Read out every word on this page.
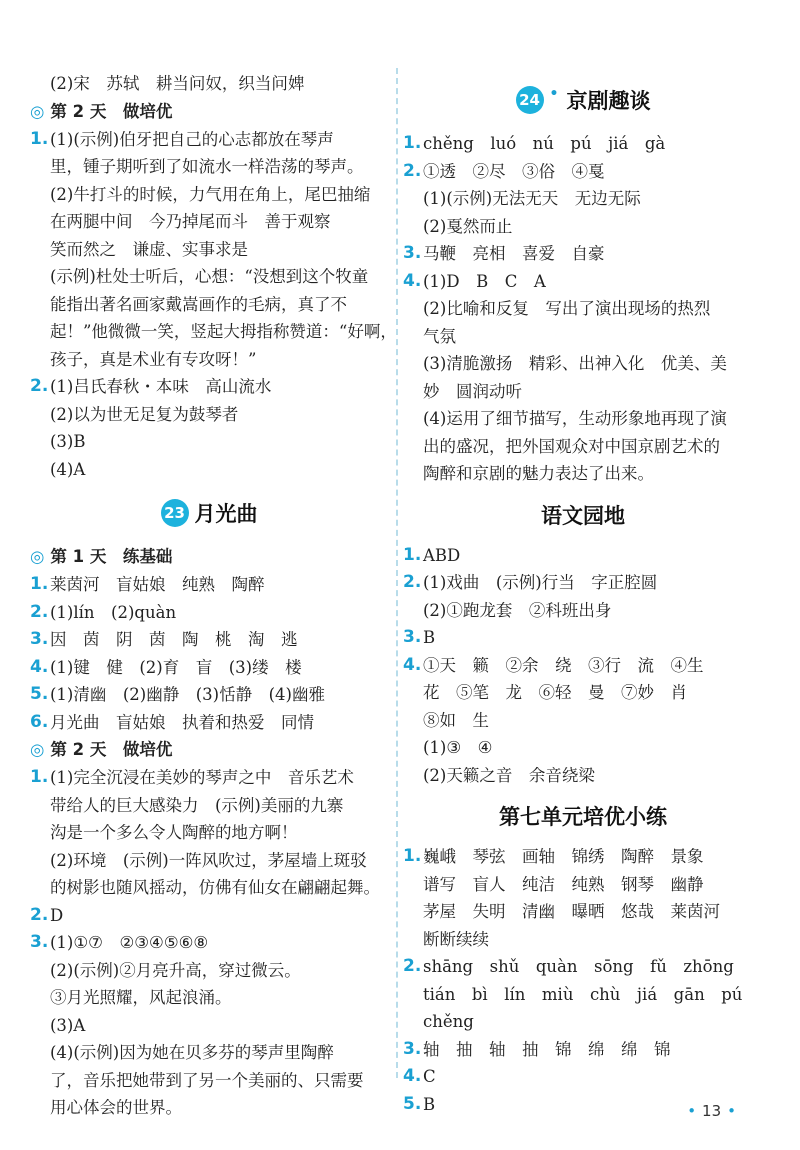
(2)宋　苏轼　耕当问奴，织当问婢
◎ 第 2 天　做培优
1. (1)(示例)伯牙把自己的心志都放在琴声
里，锺子期听到了如流水一样浩荡的琴声。
(2)牛打斗的时候，力气用在角上，尾巴抽缩
在两腿中间　今乃掉尾而斗　善于观察
笑而然之　谦虚、实事求是
(示例)杜处士听后，心想：“没想到这个牧童
能指出著名画家戴嵩画作的毛病，真了不
起！”他微微一笑，竖起大拇指称赞道：“好啊，
孩子，真是术业有专攻呀！”
2. (1)吕氏春秋・本味　高山流水
(2)以为世无足复为鼓琴者
(3)B
(4)A
23 月光曲
◎ 第 1 天　练基础
1. 莱茵河　盲姑娘　纯熟　陶醉
2. (1)lín　(2)quàn
3. 因　茵　阴　茵　陶　桃　淘　逃
4. (1)键　健　(2)育　盲　(3)缕　楼
5. (1)清幽　(2)幽静　(3)恬静　(4)幽雅
6. 月光曲　盲姑娘　执着和热爱　同情
◎ 第 2 天　做培优
1. (1)完全沉浸在美妙的琴声之中　音乐艺术
带给人的巨大感染力　(示例)美丽的九寨
沟是一个多么令人陶醉的地方啊！
(2)环境　(示例)一阵风吹过，茅屋墙上斑驳
的树影也随风摇动，仿佛有仙女在翩翩起舞。
2. D
3. (1)①⑦　②③④⑤⑥⑧
(2)(示例)②月亮升高，穿过微云。
③月光照耀，风起浪涌。
(3)A
(4)(示例)因为她在贝多芬的琴声里陶醉
了，音乐把她带到了另一个美丽的、只需要
用心体会的世界。
24 • 京剧趣谈
1. chěng　luó　nú　pú　jiá　gà
2. ①透　②尽　③俗　④戛
(1)(示例)无法无天　无边无际
(2)戛然而止
3. 马鞭　亮相　喜爱　自豪
4. (1)D　B　C　A
(2)比喻和反复　写出了演出现场的热烈
气氛
(3)清脆激扬　精彩、出神入化　优美、美
妙　圆润动听
(4)运用了细节描写，生动形象地再现了演
出的盛况，把外国观众对中国京剧艺术的
陶醉和京剧的魅力表达了出来。
语文园地
1. ABD
2. (1)戏曲　(示例)行当　字正腔圆
(2)①跑龙套　②科班出身
3. B
4. ①天　籁　②余　绕　③行　流　④生
花　⑤笔　龙　⑥轻　曼　⑦妙　肖
⑧如　生
(1)③　④
(2)天籁之音　余音绕梁
第七单元培优小练
1. 巍峨　琴弦　画轴　锦绣　陶醉　景象
谱写　盲人　纯洁　纯熟　钢琴　幽静
茅屋　失明　清幽　曝晒　悠哉　莱茵河
断断续续
2. shāng　shǔ　quàn　sōng　fǔ　zhōng
tián　bì　lín　miù　chù　jiá　gān　pú
chěng
3. 轴　抽　轴　抽　锦　绵　绵　锦
4. C
5. B	• 13 •
